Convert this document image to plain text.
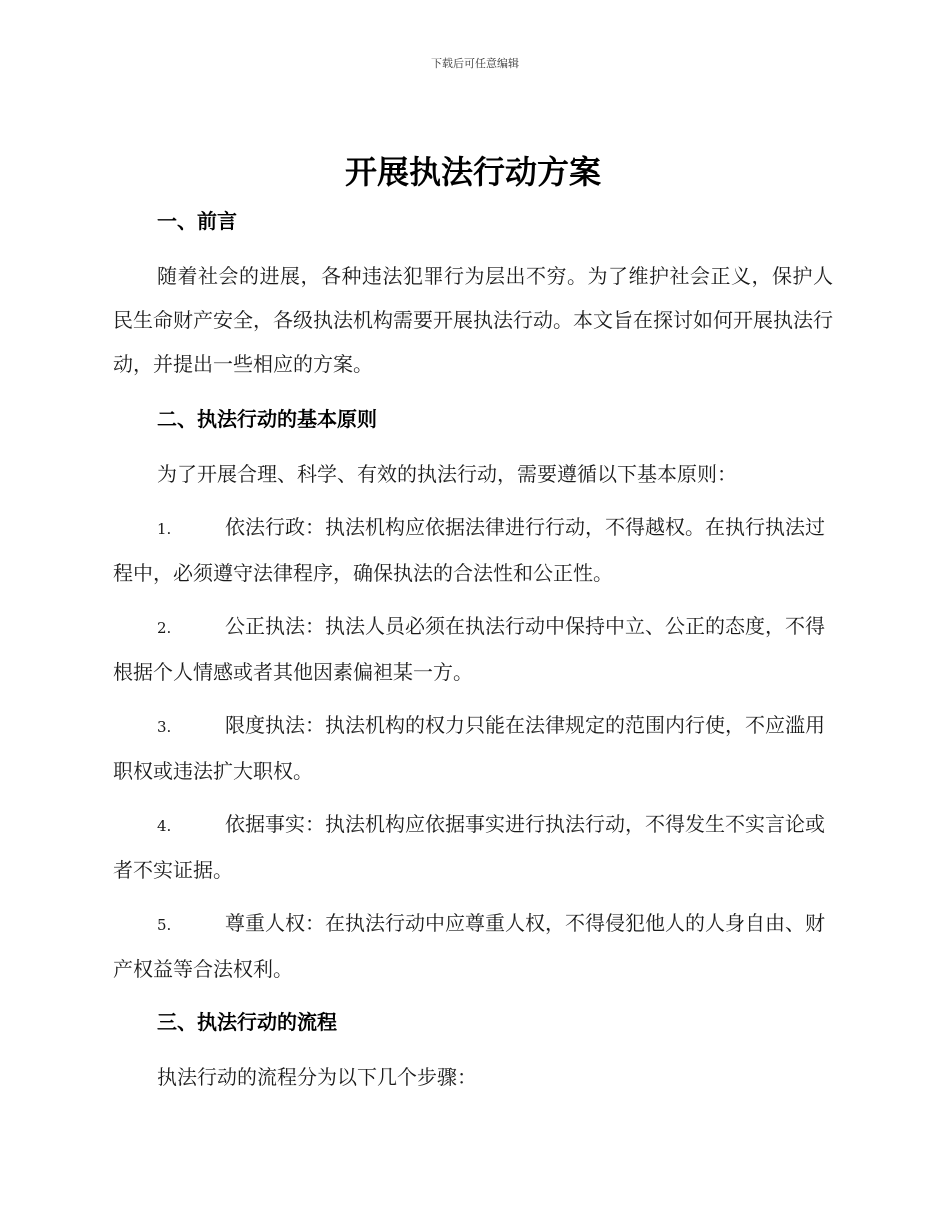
下载后可任意编辑
开展执法行动方案

一、前言

随着社会的进展，各种违法犯罪行为层出不穷。为了维护社会正义，保护人民生命财产安全，各级执法机构需要开展执法行动。本文旨在探讨如何开展执法行动，并提出一些相应的方案。

二、执法行动的基本原则

为了开展合理、科学、有效的执法行动，需要遵循以下基本原则：

1.	依法行政：执法机构应依据法律进行行动，不得越权。在执行执法过程中，必须遵守法律程序，确保执法的合法性和公正性。

2.	公正执法：执法人员必须在执法行动中保持中立、公正的态度，不得根据个人情感或者其他因素偏袒某一方。

3.	限度执法：执法机构的权力只能在法律规定的范围内行使，不应滥用职权或违法扩大职权。

4.	依据事实：执法机构应依据事实进行执法行动，不得发生不实言论或者不实证据。

5.	尊重人权：在执法行动中应尊重人权，不得侵犯他人的人身自由、财产权益等合法权利。

三、执法行动的流程

执法行动的流程分为以下几个步骤：
